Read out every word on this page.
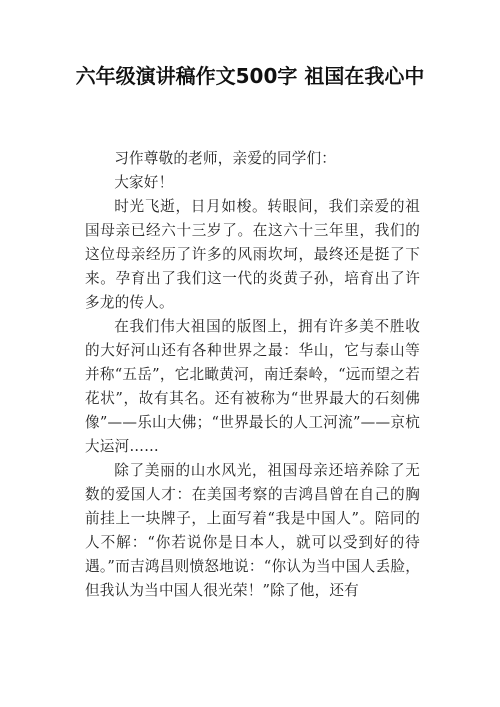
六年级演讲稿作文500字 祖国在我心中

习作尊敬的老师，亲爱的同学们：

大家好！

时光飞逝，日月如梭。转眼间，我们亲爱的祖国母亲已经六十三岁了。在这六十三年里，我们的这位母亲经历了许多的风雨坎坷，最终还是挺了下来。孕育出了我们这一代的炎黄子孙，培育出了许多龙的传人。

在我们伟大祖国的版图上，拥有许多美不胜收的大好河山还有各种世界之最：华山，它与泰山等并称“五岳”，它北瞰黄河，南迁秦岭，“远而望之若花状”，故有其名。还有被称为“世界最大的石刻佛像”——乐山大佛；“世界最长的人工河流”——京杭大运河……

除了美丽的山水风光，祖国母亲还培养除了无数的爱国人才：在美国考察的吉鸿昌曾在自己的胸前挂上一块牌子，上面写着“我是中国人”。陪同的人不解：“你若说你是日本人，就可以受到好的待遇。”而吉鸿昌则愤怒地说：“你认为当中国人丢脸，但我认为当中国人很光荣！”除了他，还有
